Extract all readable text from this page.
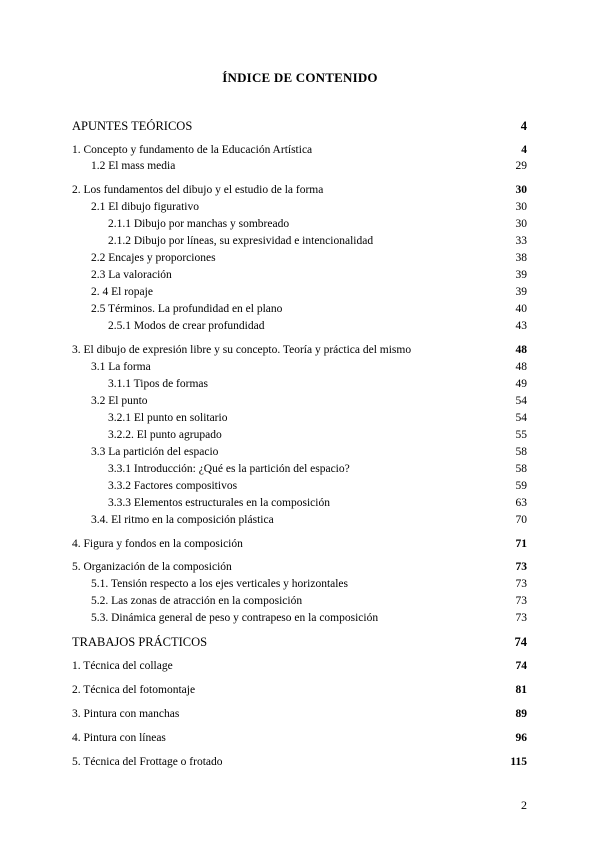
ÍNDICE DE CONTENIDO
APUNTES TEÓRICOS	4
1. Concepto y fundamento de la Educación Artística	4
1.2 El mass media	29
2. Los fundamentos del dibujo y el estudio de la forma	30
2.1 El dibujo figurativo	30
2.1.1 Dibujo por manchas y sombreado	30
2.1.2 Dibujo por líneas, su expresividad e intencionalidad	33
2.2 Encajes y proporciones	38
2.3 La valoración	39
2. 4 El ropaje	39
2.5 Términos. La profundidad en el plano	40
2.5.1 Modos de crear profundidad	43
3. El dibujo de expresión libre y su concepto. Teoría y práctica del mismo	48
3.1 La forma	48
3.1.1 Tipos de formas	49
3.2 El punto	54
3.2.1 El punto en solitario	54
3.2.2. El punto agrupado	55
3.3 La partición del espacio	58
3.3.1 Introducción: ¿Qué es la partición del espacio?	58
3.3.2 Factores compositivos	59
3.3.3 Elementos estructurales en la composición	63
3.4. El ritmo en la composición plástica	70
4. Figura y fondos en la composición	71
5. Organización de la composición	73
5.1. Tensión respecto a los ejes verticales y horizontales	73
5.2. Las zonas de atracción en la composición	73
5.3. Dinámica general de peso y contrapeso en la composición	73
TRABAJOS PRÁCTICOS	74
1. Técnica del collage	74
2. Técnica del fotomontaje	81
3. Pintura con manchas	89
4. Pintura con líneas	96
5. Técnica del Frottage o frotado	115
2
